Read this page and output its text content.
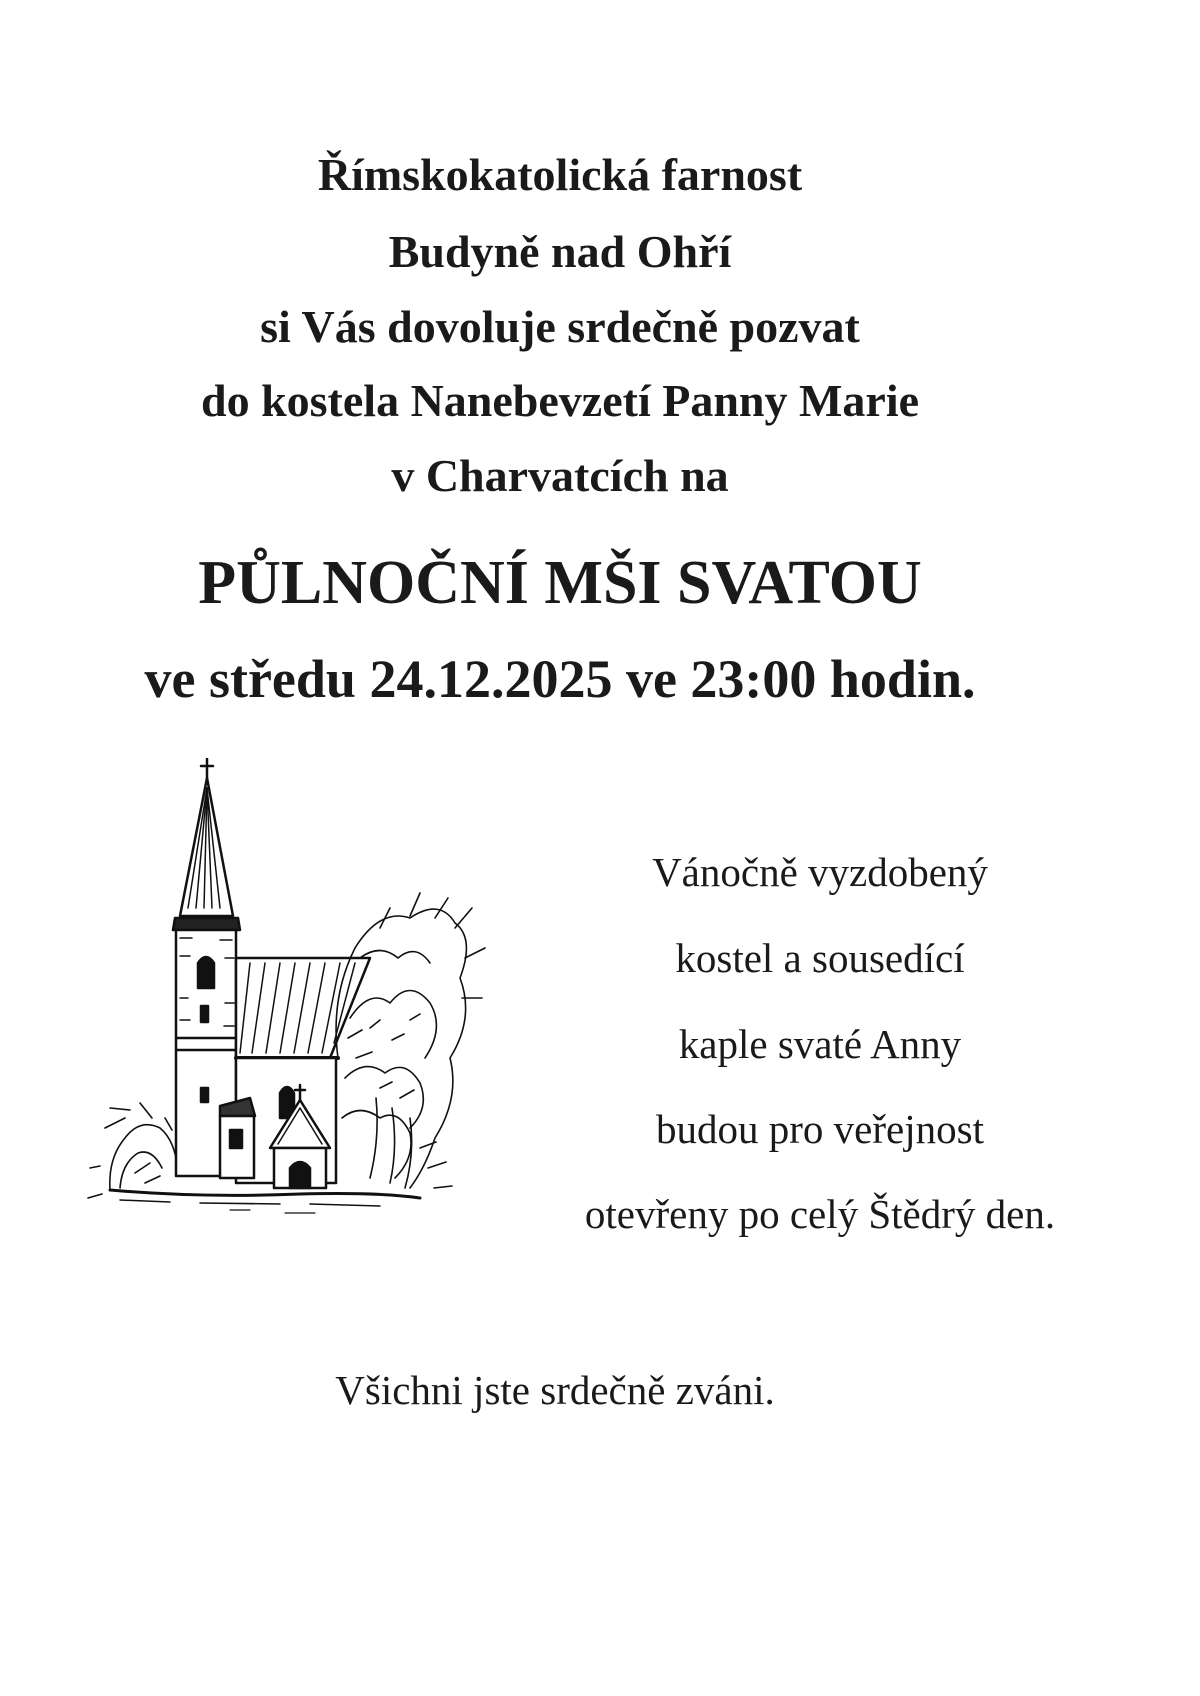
Římskokatolická farnost
Budyně nad Ohří
si Vás dovoluje srdečně pozvat
do kostela Nanebevzetí Panny Marie
v Charvatcích na
PŮLNOČNÍ MŠI SVATOU
ve středu 24.12.2025 ve 23:00 hodin.
Vánočně vyzdobený
kostel a sousedící
kaple svaté Anny
budou pro veřejnost
otevřeny po celý Štědrý den.
Všichni jste srdečně zváni.
